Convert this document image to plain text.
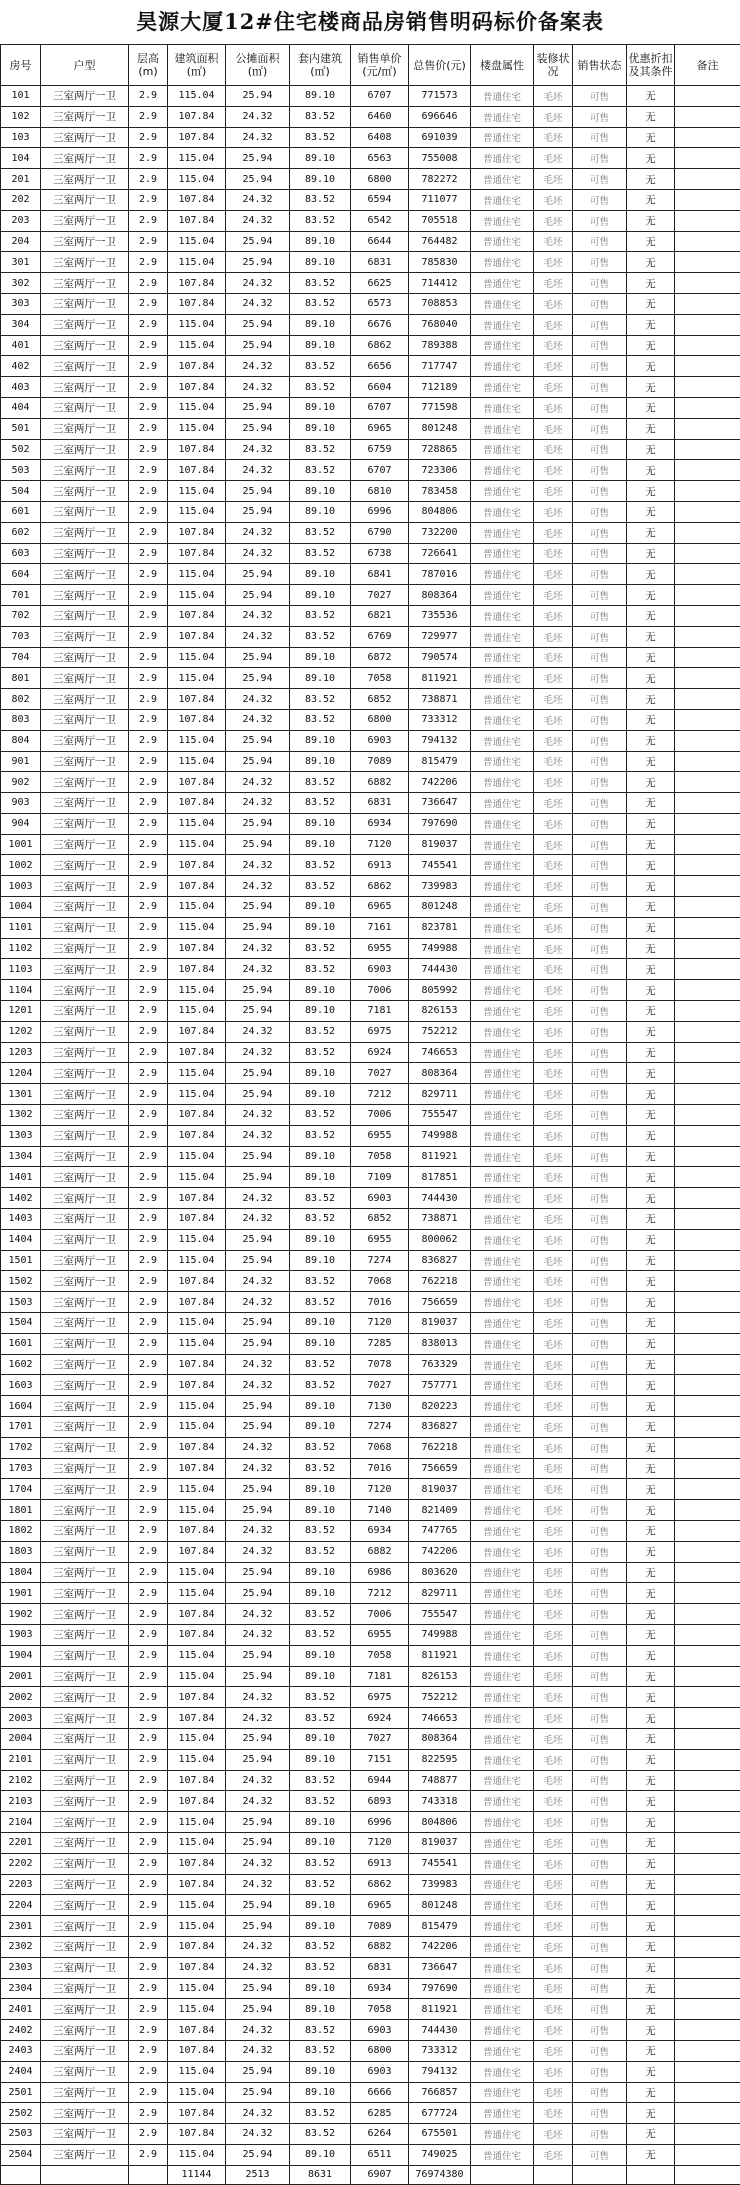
昊源大厦12#住宅楼商品房销售明码标价备案表
房号	户型	层高(m)	建筑面积(㎡)	公摊面积(㎡)	套内建筑(㎡)	销售单价(元/㎡)	总售价(元)	楼盘属性	装修状况	销售状态	优惠折扣及其条件	备注
101	三室两厅一卫	2.9	115.04	25.94	89.10	6707	771573	普通住宅	毛坯	可售	无	
102	三室两厅一卫	2.9	107.84	24.32	83.52	6460	696646	普通住宅	毛坯	可售	无	
103	三室两厅一卫	2.9	107.84	24.32	83.52	6408	691039	普通住宅	毛坯	可售	无	
104	三室两厅一卫	2.9	115.04	25.94	89.10	6563	755008	普通住宅	毛坯	可售	无	
201	三室两厅一卫	2.9	115.04	25.94	89.10	6800	782272	普通住宅	毛坯	可售	无	
202	三室两厅一卫	2.9	107.84	24.32	83.52	6594	711077	普通住宅	毛坯	可售	无	
203	三室两厅一卫	2.9	107.84	24.32	83.52	6542	705518	普通住宅	毛坯	可售	无	
204	三室两厅一卫	2.9	115.04	25.94	89.10	6644	764482	普通住宅	毛坯	可售	无	
301	三室两厅一卫	2.9	115.04	25.94	89.10	6831	785830	普通住宅	毛坯	可售	无	
302	三室两厅一卫	2.9	107.84	24.32	83.52	6625	714412	普通住宅	毛坯	可售	无	
303	三室两厅一卫	2.9	107.84	24.32	83.52	6573	708853	普通住宅	毛坯	可售	无	
304	三室两厅一卫	2.9	115.04	25.94	89.10	6676	768040	普通住宅	毛坯	可售	无	
401	三室两厅一卫	2.9	115.04	25.94	89.10	6862	789388	普通住宅	毛坯	可售	无	
402	三室两厅一卫	2.9	107.84	24.32	83.52	6656	717747	普通住宅	毛坯	可售	无	
403	三室两厅一卫	2.9	107.84	24.32	83.52	6604	712189	普通住宅	毛坯	可售	无	
404	三室两厅一卫	2.9	115.04	25.94	89.10	6707	771598	普通住宅	毛坯	可售	无	
501	三室两厅一卫	2.9	115.04	25.94	89.10	6965	801248	普通住宅	毛坯	可售	无	
502	三室两厅一卫	2.9	107.84	24.32	83.52	6759	728865	普通住宅	毛坯	可售	无	
503	三室两厅一卫	2.9	107.84	24.32	83.52	6707	723306	普通住宅	毛坯	可售	无	
504	三室两厅一卫	2.9	115.04	25.94	89.10	6810	783458	普通住宅	毛坯	可售	无	
601	三室两厅一卫	2.9	115.04	25.94	89.10	6996	804806	普通住宅	毛坯	可售	无	
602	三室两厅一卫	2.9	107.84	24.32	83.52	6790	732200	普通住宅	毛坯	可售	无	
603	三室两厅一卫	2.9	107.84	24.32	83.52	6738	726641	普通住宅	毛坯	可售	无	
604	三室两厅一卫	2.9	115.04	25.94	89.10	6841	787016	普通住宅	毛坯	可售	无	
701	三室两厅一卫	2.9	115.04	25.94	89.10	7027	808364	普通住宅	毛坯	可售	无	
702	三室两厅一卫	2.9	107.84	24.32	83.52	6821	735536	普通住宅	毛坯	可售	无	
703	三室两厅一卫	2.9	107.84	24.32	83.52	6769	729977	普通住宅	毛坯	可售	无	
704	三室两厅一卫	2.9	115.04	25.94	89.10	6872	790574	普通住宅	毛坯	可售	无	
801	三室两厅一卫	2.9	115.04	25.94	89.10	7058	811921	普通住宅	毛坯	可售	无	
802	三室两厅一卫	2.9	107.84	24.32	83.52	6852	738871	普通住宅	毛坯	可售	无	
803	三室两厅一卫	2.9	107.84	24.32	83.52	6800	733312	普通住宅	毛坯	可售	无	
804	三室两厅一卫	2.9	115.04	25.94	89.10	6903	794132	普通住宅	毛坯	可售	无	
901	三室两厅一卫	2.9	115.04	25.94	89.10	7089	815479	普通住宅	毛坯	可售	无	
902	三室两厅一卫	2.9	107.84	24.32	83.52	6882	742206	普通住宅	毛坯	可售	无	
903	三室两厅一卫	2.9	107.84	24.32	83.52	6831	736647	普通住宅	毛坯	可售	无	
904	三室两厅一卫	2.9	115.04	25.94	89.10	6934	797690	普通住宅	毛坯	可售	无	
1001	三室两厅一卫	2.9	115.04	25.94	89.10	7120	819037	普通住宅	毛坯	可售	无	
1002	三室两厅一卫	2.9	107.84	24.32	83.52	6913	745541	普通住宅	毛坯	可售	无	
1003	三室两厅一卫	2.9	107.84	24.32	83.52	6862	739983	普通住宅	毛坯	可售	无	
1004	三室两厅一卫	2.9	115.04	25.94	89.10	6965	801248	普通住宅	毛坯	可售	无	
1101	三室两厅一卫	2.9	115.04	25.94	89.10	7161	823781	普通住宅	毛坯	可售	无	
1102	三室两厅一卫	2.9	107.84	24.32	83.52	6955	749988	普通住宅	毛坯	可售	无	
1103	三室两厅一卫	2.9	107.84	24.32	83.52	6903	744430	普通住宅	毛坯	可售	无	
1104	三室两厅一卫	2.9	115.04	25.94	89.10	7006	805992	普通住宅	毛坯	可售	无	
1201	三室两厅一卫	2.9	115.04	25.94	89.10	7181	826153	普通住宅	毛坯	可售	无	
1202	三室两厅一卫	2.9	107.84	24.32	83.52	6975	752212	普通住宅	毛坯	可售	无	
1203	三室两厅一卫	2.9	107.84	24.32	83.52	6924	746653	普通住宅	毛坯	可售	无	
1204	三室两厅一卫	2.9	115.04	25.94	89.10	7027	808364	普通住宅	毛坯	可售	无	
1301	三室两厅一卫	2.9	115.04	25.94	89.10	7212	829711	普通住宅	毛坯	可售	无	
1302	三室两厅一卫	2.9	107.84	24.32	83.52	7006	755547	普通住宅	毛坯	可售	无	
1303	三室两厅一卫	2.9	107.84	24.32	83.52	6955	749988	普通住宅	毛坯	可售	无	
1304	三室两厅一卫	2.9	115.04	25.94	89.10	7058	811921	普通住宅	毛坯	可售	无	
1401	三室两厅一卫	2.9	115.04	25.94	89.10	7109	817851	普通住宅	毛坯	可售	无	
1402	三室两厅一卫	2.9	107.84	24.32	83.52	6903	744430	普通住宅	毛坯	可售	无	
1403	三室两厅一卫	2.9	107.84	24.32	83.52	6852	738871	普通住宅	毛坯	可售	无	
1404	三室两厅一卫	2.9	115.04	25.94	89.10	6955	800062	普通住宅	毛坯	可售	无	
1501	三室两厅一卫	2.9	115.04	25.94	89.10	7274	836827	普通住宅	毛坯	可售	无	
1502	三室两厅一卫	2.9	107.84	24.32	83.52	7068	762218	普通住宅	毛坯	可售	无	
1503	三室两厅一卫	2.9	107.84	24.32	83.52	7016	756659	普通住宅	毛坯	可售	无	
1504	三室两厅一卫	2.9	115.04	25.94	89.10	7120	819037	普通住宅	毛坯	可售	无	
1601	三室两厅一卫	2.9	115.04	25.94	89.10	7285	838013	普通住宅	毛坯	可售	无	
1602	三室两厅一卫	2.9	107.84	24.32	83.52	7078	763329	普通住宅	毛坯	可售	无	
1603	三室两厅一卫	2.9	107.84	24.32	83.52	7027	757771	普通住宅	毛坯	可售	无	
1604	三室两厅一卫	2.9	115.04	25.94	89.10	7130	820223	普通住宅	毛坯	可售	无	
1701	三室两厅一卫	2.9	115.04	25.94	89.10	7274	836827	普通住宅	毛坯	可售	无	
1702	三室两厅一卫	2.9	107.84	24.32	83.52	7068	762218	普通住宅	毛坯	可售	无	
1703	三室两厅一卫	2.9	107.84	24.32	83.52	7016	756659	普通住宅	毛坯	可售	无	
1704	三室两厅一卫	2.9	115.04	25.94	89.10	7120	819037	普通住宅	毛坯	可售	无	
1801	三室两厅一卫	2.9	115.04	25.94	89.10	7140	821409	普通住宅	毛坯	可售	无	
1802	三室两厅一卫	2.9	107.84	24.32	83.52	6934	747765	普通住宅	毛坯	可售	无	
1803	三室两厅一卫	2.9	107.84	24.32	83.52	6882	742206	普通住宅	毛坯	可售	无	
1804	三室两厅一卫	2.9	115.04	25.94	89.10	6986	803620	普通住宅	毛坯	可售	无	
1901	三室两厅一卫	2.9	115.04	25.94	89.10	7212	829711	普通住宅	毛坯	可售	无	
1902	三室两厅一卫	2.9	107.84	24.32	83.52	7006	755547	普通住宅	毛坯	可售	无	
1903	三室两厅一卫	2.9	107.84	24.32	83.52	6955	749988	普通住宅	毛坯	可售	无	
1904	三室两厅一卫	2.9	115.04	25.94	89.10	7058	811921	普通住宅	毛坯	可售	无	
2001	三室两厅一卫	2.9	115.04	25.94	89.10	7181	826153	普通住宅	毛坯	可售	无	
2002	三室两厅一卫	2.9	107.84	24.32	83.52	6975	752212	普通住宅	毛坯	可售	无	
2003	三室两厅一卫	2.9	107.84	24.32	83.52	6924	746653	普通住宅	毛坯	可售	无	
2004	三室两厅一卫	2.9	115.04	25.94	89.10	7027	808364	普通住宅	毛坯	可售	无	
2101	三室两厅一卫	2.9	115.04	25.94	89.10	7151	822595	普通住宅	毛坯	可售	无	
2102	三室两厅一卫	2.9	107.84	24.32	83.52	6944	748877	普通住宅	毛坯	可售	无	
2103	三室两厅一卫	2.9	107.84	24.32	83.52	6893	743318	普通住宅	毛坯	可售	无	
2104	三室两厅一卫	2.9	115.04	25.94	89.10	6996	804806	普通住宅	毛坯	可售	无	
2201	三室两厅一卫	2.9	115.04	25.94	89.10	7120	819037	普通住宅	毛坯	可售	无	
2202	三室两厅一卫	2.9	107.84	24.32	83.52	6913	745541	普通住宅	毛坯	可售	无	
2203	三室两厅一卫	2.9	107.84	24.32	83.52	6862	739983	普通住宅	毛坯	可售	无	
2204	三室两厅一卫	2.9	115.04	25.94	89.10	6965	801248	普通住宅	毛坯	可售	无	
2301	三室两厅一卫	2.9	115.04	25.94	89.10	7089	815479	普通住宅	毛坯	可售	无	
2302	三室两厅一卫	2.9	107.84	24.32	83.52	6882	742206	普通住宅	毛坯	可售	无	
2303	三室两厅一卫	2.9	107.84	24.32	83.52	6831	736647	普通住宅	毛坯	可售	无	
2304	三室两厅一卫	2.9	115.04	25.94	89.10	6934	797690	普通住宅	毛坯	可售	无	
2401	三室两厅一卫	2.9	115.04	25.94	89.10	7058	811921	普通住宅	毛坯	可售	无	
2402	三室两厅一卫	2.9	107.84	24.32	83.52	6903	744430	普通住宅	毛坯	可售	无	
2403	三室两厅一卫	2.9	107.84	24.32	83.52	6800	733312	普通住宅	毛坯	可售	无	
2404	三室两厅一卫	2.9	115.04	25.94	89.10	6903	794132	普通住宅	毛坯	可售	无	
2501	三室两厅一卫	2.9	115.04	25.94	89.10	6666	766857	普通住宅	毛坯	可售	无	
2502	三室两厅一卫	2.9	107.84	24.32	83.52	6285	677724	普通住宅	毛坯	可售	无	
2503	三室两厅一卫	2.9	107.84	24.32	83.52	6264	675501	普通住宅	毛坯	可售	无	
2504	三室两厅一卫	2.9	115.04	25.94	89.10	6511	749025	普通住宅	毛坯	可售	无	
			11144	2513	8631	6907	76974380					
